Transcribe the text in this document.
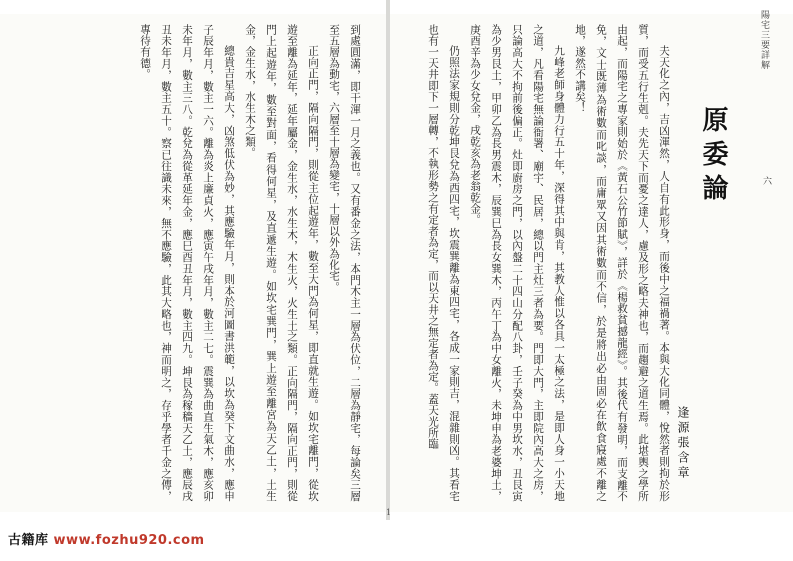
到處圓滿，即干渾一月之義也。又有番金之法，本門木主一層為伏位，二層為靜宅，每論矣三層至五層為動宅，六層至十層為變宅，十層以外為化宅。

正向正門，隔向隔門，則從主位起遊年，數至大門為何星，即直就生遊。如坎宅離門，從坎遊至離為延年，延年屬金，金生水，水生木，木生火，火生土之類。正向隔門，隔向正門，則從門上起遊年，數至對面，看得何星，及直遞生遊。如坎宅巽門，巽上遊至離宮為天乙土，土生金，金生水，水生木之類。

總貴吉星高大，凶煞低伏為妙，其應驗年月，則本於河圖書洪範，以坎為癸下文曲水，應申子辰年月，數主一六。離為炎上廉貞火，應寅午戌年月，數主二七。震巽為曲直生氣木，應亥卯未年月，數主三八。乾兌為從革延年金，應巳酉丑年月，數主四九。坤艮為稼穡天乙土，應辰戌丑未年月，數主五十。察已往識未來，無不應驗，此其大略也，神而明之，存乎學者千金之傳，專待有德。	夫天化之內，吉凶渾然，人自有此形身，而後中之福禍著。本與大化同體，悅然者則拘於形質，而受五行生剋。夫先天下而憂之達人，慮及形之略夫神也，而趨避之道生焉。此堪輿之學所由起，而陽宅之專家則始於《黃石公竹節賦》，詳於《楊救貧撼龍經》。其後代有發明，而支離不免，文士既薄為術數而叱談，而庸眾又因其術數而不信，於是將出必由固必在飲食寢處不離之地，遂然不講矣！

九峰老師身體力行五十年，深得其中與肯，其教人惟以各具一太極之法，是即人身一小天地之道，凡看陽宅無論衙署、廟宇、民居，總以門主灶三者為要。門即大門，主即院內高大之房，只論高大不拘前後偏正。灶即廚房之門，以內盤二十四山分配八卦，壬子癸為中男坎水，丑艮寅為少男艮土，甲卯乙為長男震木，辰巽巳為長女巽木，丙午丁為中女離火，未坤申為老婆坤土，庚酉辛為少女兌金，戌乾亥為老翁乾金。

仍照法家規則分乾坤艮兌為西四宅，坎震巽離為東四宅，各成一家則吉，混雜則凶。其看宅也有一天井即下一層轉，不執形勢之有定者為定，而以天井之無定者為定。蓋天光所臨	原委論
逢源張含章
陽宅三要詳解
六
1
古籍库 www.fozhu920.com
